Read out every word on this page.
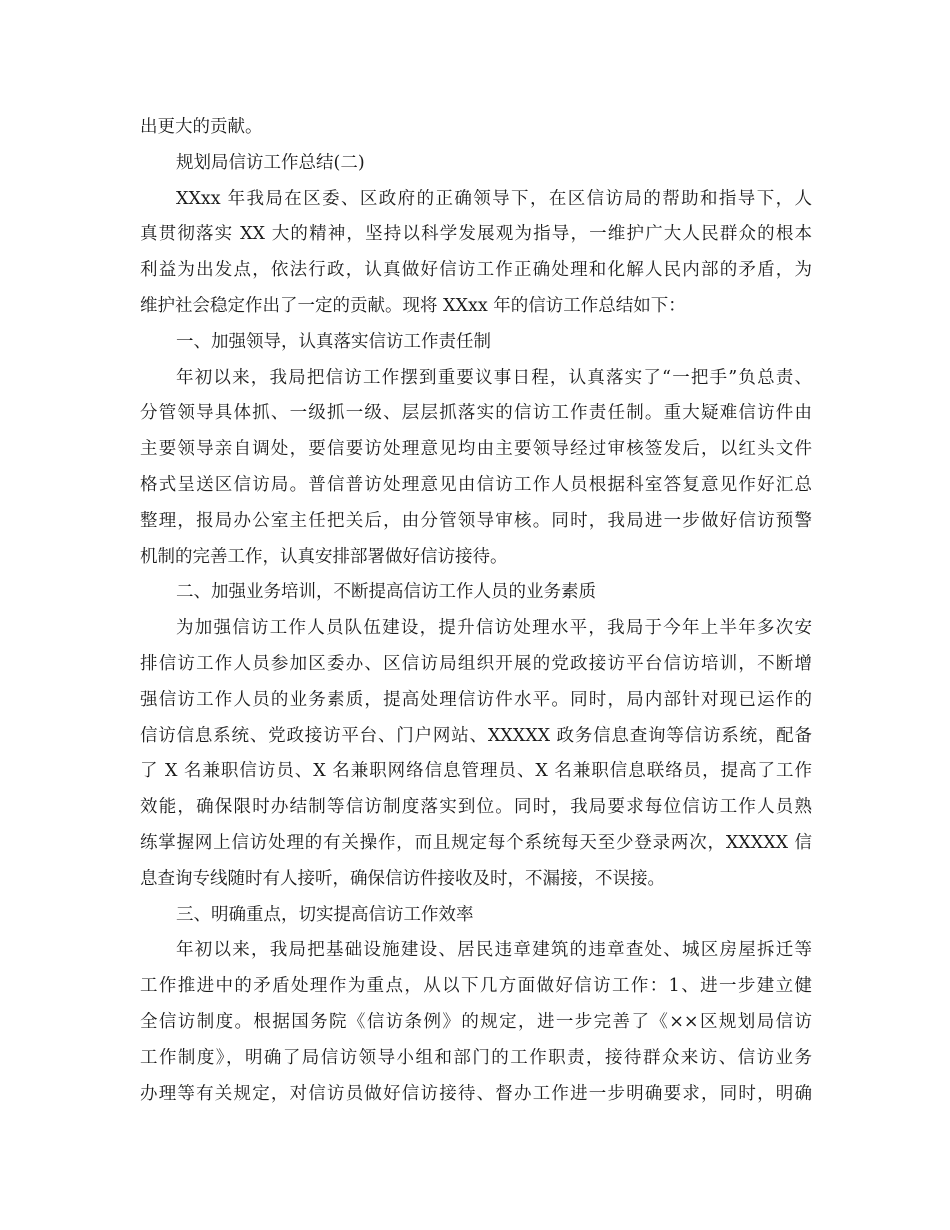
出更大的贡献。
规划局信访工作总结(二)
XXxx 年我局在区委、区政府的正确领导下，在区信访局的帮助和指导下，人
真贯彻落实 XX 大的精神，坚持以科学发展观为指导，一维护广大人民群众的根本
利益为出发点，依法行政，认真做好信访工作正确处理和化解人民内部的矛盾，为
维护社会稳定作出了一定的贡献。现将 XXxx 年的信访工作总结如下：
一、加强领导，认真落实信访工作责任制
年初以来，我局把信访工作摆到重要议事日程，认真落实了“一把手”负总责、
分管领导具体抓、一级抓一级、层层抓落实的信访工作责任制。重大疑难信访件由
主要领导亲自调处，要信要访处理意见均由主要领导经过审核签发后，以红头文件
格式呈送区信访局。普信普访处理意见由信访工作人员根据科室答复意见作好汇总
整理，报局办公室主任把关后，由分管领导审核。同时，我局进一步做好信访预警
机制的完善工作，认真安排部署做好信访接待。
二、加强业务培训，不断提高信访工作人员的业务素质
为加强信访工作人员队伍建设，提升信访处理水平，我局于今年上半年多次安
排信访工作人员参加区委办、区信访局组织开展的党政接访平台信访培训，不断增
强信访工作人员的业务素质，提高处理信访件水平。同时，局内部针对现已运作的
信访信息系统、党政接访平台、门户网站、XXXXX 政务信息查询等信访系统，配备
了 X 名兼职信访员、X 名兼职网络信息管理员、X 名兼职信息联络员，提高了工作
效能，确保限时办结制等信访制度落实到位。同时，我局要求每位信访工作人员熟
练掌握网上信访处理的有关操作，而且规定每个系统每天至少登录两次，XXXXX 信
息查询专线随时有人接听，确保信访件接收及时，不漏接，不误接。
三、明确重点，切实提高信访工作效率
年初以来，我局把基础设施建设、居民违章建筑的违章查处、城区房屋拆迁等
工作推进中的矛盾处理作为重点，从以下几方面做好信访工作：1、进一步建立健
全信访制度。根据国务院《信访条例》的规定，进一步完善了《××区规划局信访
工作制度》，明确了局信访领导小组和部门的工作职责，接待群众来访、信访业务
办理等有关规定，对信访员做好信访接待、督办工作进一步明确要求，同时，明确
